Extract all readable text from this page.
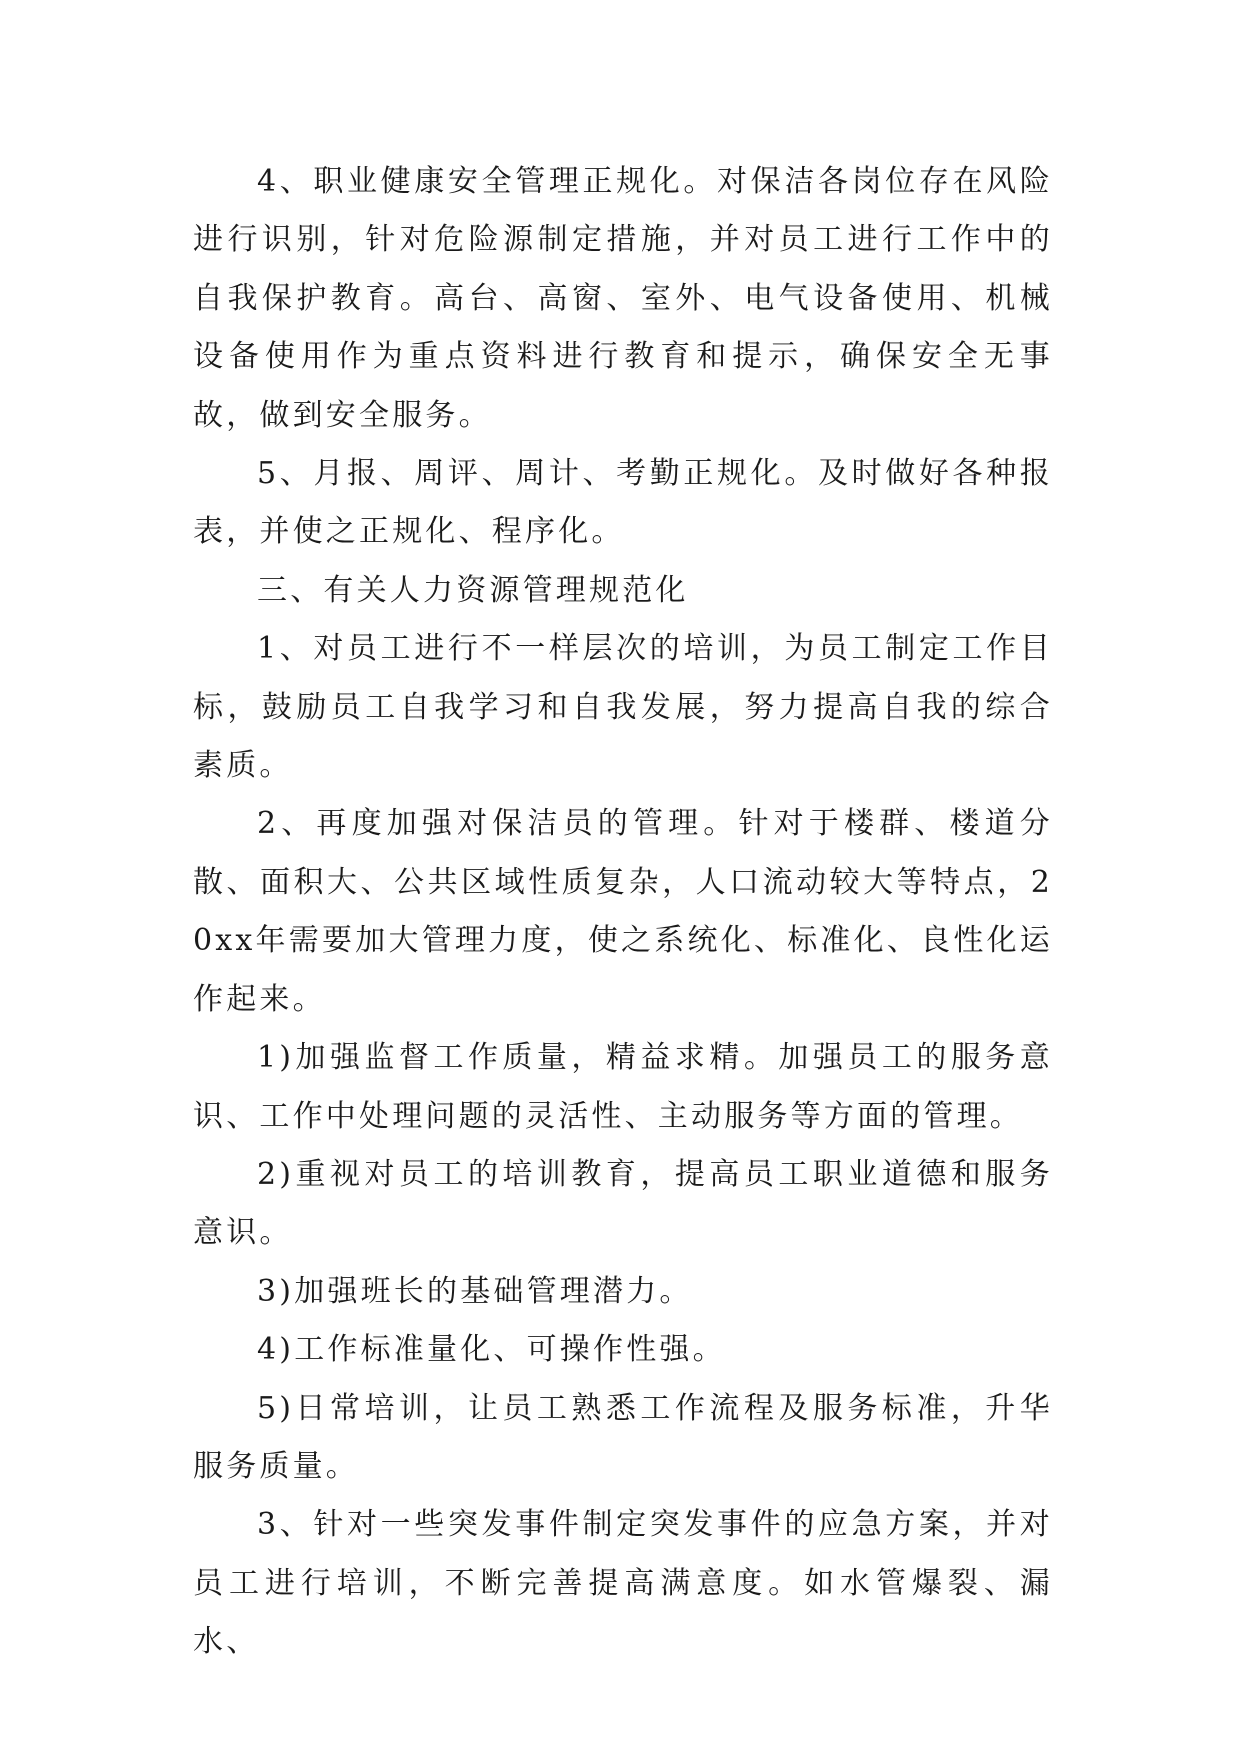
4、职业健康安全管理正规化。对保洁各岗位存在风险进行识别，针对危险源制定措施，并对员工进行工作中的自我保护教育。高台、高窗、室外、电气设备使用、机械设备使用作为重点资料进行教育和提示，确保安全无事故，做到安全服务。

5、月报、周评、周计、考勤正规化。及时做好各种报表，并使之正规化、程序化。

三、有关人力资源管理规范化

1、对员工进行不一样层次的培训，为员工制定工作目标，鼓励员工自我学习和自我发展，努力提高自我的综合素质。

2、再度加强对保洁员的管理。针对于楼群、楼道分散、面积大、公共区域性质复杂，人口流动较大等特点，20xx年需要加大管理力度，使之系统化、标准化、良性化运作起来。

1)加强监督工作质量，精益求精。加强员工的服务意识、工作中处理问题的灵活性、主动服务等方面的管理。

2)重视对员工的培训教育，提高员工职业道德和服务意识。

3)加强班长的基础管理潜力。

4)工作标准量化、可操作性强。

5)日常培训，让员工熟悉工作流程及服务标准，升华服务质量。

3、针对一些突发事件制定突发事件的应急方案，并对员工进行培训，不断完善提高满意度。如水管爆裂、漏水、
